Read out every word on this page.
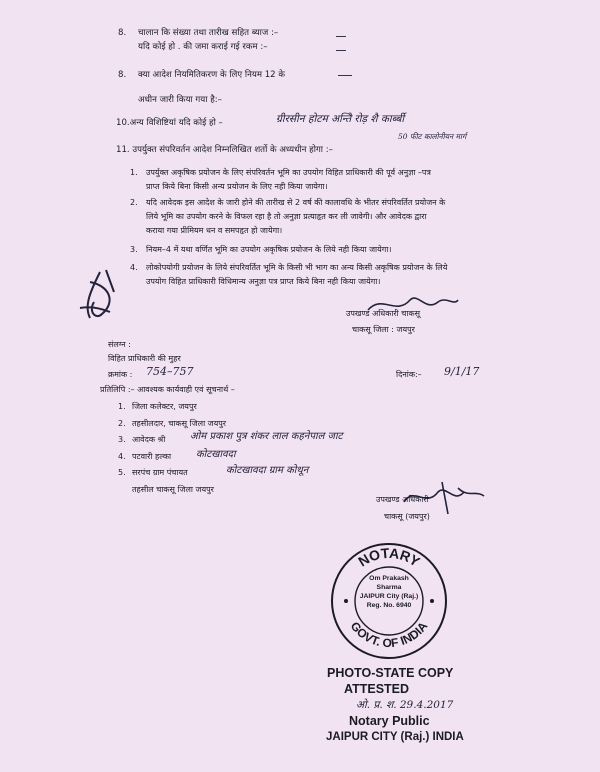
8. चालान कि संख्या तथा तारीख सहित ब्याज :–
यदि कोई हो . की जमा कराई गई रकम :–
8. क्या आदेश नियमितिकरण के लिए नियम 12 के
अधीन जारी किया गया है:–
10.अन्य विशिष्टियां यदि कोई हो –	ग्रीरसीन होटम अन्‍तेि रोड़ शै कार्ब्बी
50 फीट कालोनीयन मार्ग
11. उपर्युक्त संपरिवर्तन आदेश निम्नलिखित शर्तो के अध्यधीन होगा :–
1. उपर्युक्त अकृषिक प्रयोजन के लिए संपरिवर्तन भूमि का उपयोग विहित प्राधिकारी की पूर्व अनुज्ञा –पत्र
प्राप्त किये बिना किसी अन्य प्रयोजन के लिए नही किया जायेगा।
2. यदि आवेदक इस आदेश के जारी होने की तारीख से 2 वर्ष की कालावधि के भीतर संपरिवर्तित प्रयोजन के
लिये भूमि का उपयोग करने के विफल रहा है तो अनुज्ञा प्रत्याहृत कर ली जावेगी। और आवेदक द्वारा
कराया गया प्रीमियम धन व समपहृत हो जायेगा।
3. नियम–4 में यथा वर्णित भूमि का उपयोग अकृषिक प्रयोजन के लिये नही किया जायेगा।
4. लोकोपयोगी प्रयोजन के लिये संपरिवर्तित भूमि के किसी भी भाग का अन्य किसी अकृषिक प्रयोजन के लिये
उपयोग विहित प्राधिकारी विधिमान्य अनुज्ञा पत्र प्राप्त किये बिना नही किया जायेगा।
उपखण्ड अधिकारी चाकसू
चाकसू जिला : जयपुर
संलग्न :
विहित प्राधिकारी की मुहर
क्रमांक : 754–757	दिनांक:– 9/1/17
प्रतिलिपि :– आवश्यक कार्यवाही एवं सूचनार्थ –
1. जिला कलेक्टर, जयपुर
2. तहसीलदार, चाकसू जिला जयपुर
3. आवेदक श्री ओम प्रकाश पुत्र शंकर लाल कहनेपाल जाट
4. पटवारी हल्का कोटखावदा
5. सरपंच ग्राम पंचायत	कोटखावदा ग्राम कोथून
तहसील चाकसू जिला जयपुर
उपखण्ड अधिकारी
चाकसू (जयपुर)
NOTARY
GOVT. OF INDIA
Om Prakash Sharma
JAIPUR City (Raj.)
Reg. No. 6940
PHOTO-STATE COPY
ATTESTED
ओ. प्र. श. 29.4.2017
Notary Public
JAIPUR CITY (Raj.) INDIA
